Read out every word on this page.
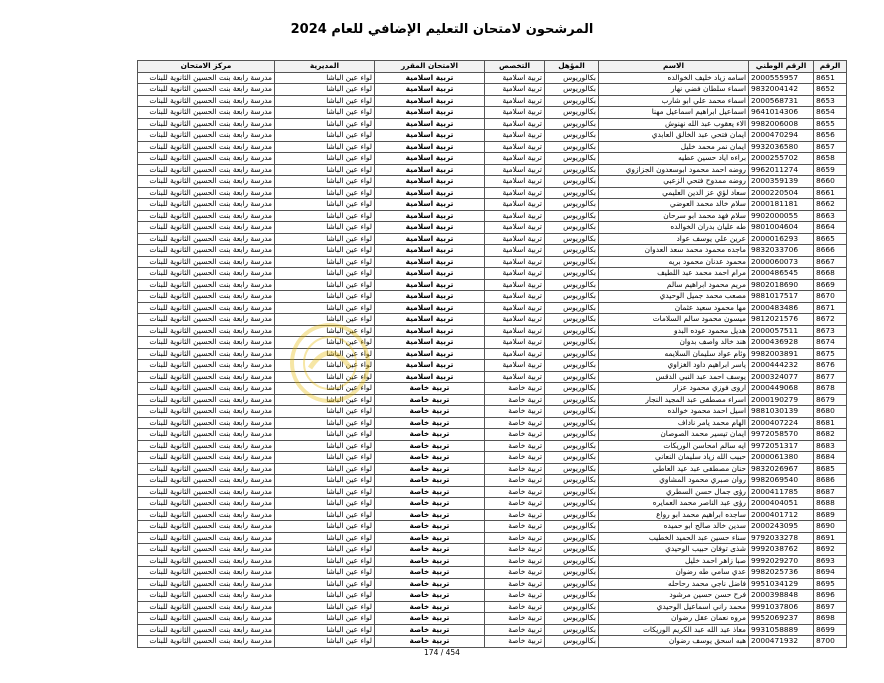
المرشحون لامتحان التعليم الإضافي للعام 2024
الرقم	الرقم الوطني	الاسم	المؤهل	التخصص	الامتحان المقرر	المديرية	مركز الامتحان
8651	2000555957	اسامه زياد خليف الخوالده	بكالوريوس	تربية اسلامية	تربية اسلامية	لواء عين الباشا	مدرسة رابعة بنت الحسين الثانوية للبنات
8652	9832004142	اسماء سلطان فضي نهار	بكالوريوس	تربية اسلامية	تربية اسلامية	لواء عين الباشا	مدرسة رابعة بنت الحسين الثانوية للبنات
8653	2000568731	اسماء محمد علي ابو شارب	بكالوريوس	تربية اسلامية	تربية اسلامية	لواء عين الباشا	مدرسة رابعة بنت الحسين الثانوية للبنات
8654	9641014306	اسماعيل ابراهيم اسماعيل مهنا	بكالوريوس	تربية اسلامية	تربية اسلامية	لواء عين الباشا	مدرسة رابعة بنت الحسين الثانوية للبنات
8655	9982006008	الاء يعقوب عبد الله نهنوش	بكالوريوس	تربية اسلامية	تربية اسلامية	لواء عين الباشا	مدرسة رابعة بنت الحسين الثانوية للبنات
8656	2000470294	ايمان فتحي عبد الخالق العابدي	بكالوريوس	تربية اسلامية	تربية اسلامية	لواء عين الباشا	مدرسة رابعة بنت الحسين الثانوية للبنات
8657	9932036580	ايمان نمر محمد خليل	بكالوريوس	تربية اسلامية	تربية اسلامية	لواء عين الباشا	مدرسة رابعة بنت الحسين الثانوية للبنات
8658	2000255702	براءه اياد حسين عطيه	بكالوريوس	تربية اسلامية	تربية اسلامية	لواء عين الباشا	مدرسة رابعة بنت الحسين الثانوية للبنات
8659	9962011274	روضه احمد محمود ابوسعدون الجزازوي	بكالوريوس	تربية اسلامية	تربية اسلامية	لواء عين الباشا	مدرسة رابعة بنت الحسين الثانوية للبنات
8660	2000359139	روضه ممدوح فتحي الزعبي	بكالوريوس	تربية اسلامية	تربية اسلامية	لواء عين الباشا	مدرسة رابعة بنت الحسين الثانوية للبنات
8661	2000220504	سعاد لؤي عز الدين العليمي	بكالوريوس	تربية اسلامية	تربية اسلامية	لواء عين الباشا	مدرسة رابعة بنت الحسين الثانوية للبنات
8662	2000181181	سلام خالد محمد العوضي	بكالوريوس	تربية اسلامية	تربية اسلامية	لواء عين الباشا	مدرسة رابعة بنت الحسين الثانوية للبنات
8663	9902000055	سلام فهد محمد ابو سرحان	بكالوريوس	تربية اسلامية	تربية اسلامية	لواء عين الباشا	مدرسة رابعة بنت الحسين الثانوية للبنات
8664	9801004604	طه عليان بدران الخوالده	بكالوريوس	تربية اسلامية	تربية اسلامية	لواء عين الباشا	مدرسة رابعة بنت الحسين الثانوية للبنات
8665	2000016293	عرين علي يوسف عواد	بكالوريوس	تربية اسلامية	تربية اسلامية	لواء عين الباشا	مدرسة رابعة بنت الحسين الثانوية للبنات
8666	9832033706	ماجده محمود محمد سعد العدوان	بكالوريوس	تربية اسلامية	تربية اسلامية	لواء عين الباشا	مدرسة رابعة بنت الحسين الثانوية للبنات
8667	2000060073	محمود عدنان محمود بريه	بكالوريوس	تربية اسلامية	تربية اسلامية	لواء عين الباشا	مدرسة رابعة بنت الحسين الثانوية للبنات
8668	2000486545	مرام احمد محمد عبد اللطيف	بكالوريوس	تربية اسلامية	تربية اسلامية	لواء عين الباشا	مدرسة رابعة بنت الحسين الثانوية للبنات
8669	9802018690	مريم محمود ابراهيم سالم	بكالوريوس	تربية اسلامية	تربية اسلامية	لواء عين الباشا	مدرسة رابعة بنت الحسين الثانوية للبنات
8670	9881017517	مصعب محمد جميل الوحيدي	بكالوريوس	تربية اسلامية	تربية اسلامية	لواء عين الباشا	مدرسة رابعة بنت الحسين الثانوية للبنات
8671	2000483486	مها محمود سعيد عثمان	بكالوريوس	تربية اسلامية	تربية اسلامية	لواء عين الباشا	مدرسة رابعة بنت الحسين الثانوية للبنات
8672	9812021576	ميسون محمود سالم السلامات	بكالوريوس	تربية اسلامية	تربية اسلامية	لواء عين الباشا	مدرسة رابعة بنت الحسين الثانوية للبنات
8673	2000057511	هديل محمود عوده البدو	بكالوريوس	تربية اسلامية	تربية اسلامية	لواء عين الباشا	مدرسة رابعة بنت الحسين الثانوية للبنات
8674	2000436928	هند خالد واصف بدوان	بكالوريوس	تربية اسلامية	تربية اسلامية	لواء عين الباشا	مدرسة رابعة بنت الحسين الثانوية للبنات
8675	9982003891	وئام عواد سليمان السلايمه	بكالوريوس	تربية اسلامية	تربية اسلامية	لواء عين الباشا	مدرسة رابعة بنت الحسين الثانوية للبنات
8676	2000444232	ياسر ابراهيم داود الغزاوي	بكالوريوس	تربية اسلامية	تربية اسلامية	لواء عين الباشا	مدرسة رابعة بنت الحسين الثانوية للبنات
8677	2000324077	يوسف احمد عبد النبي الدقس	بكالوريوس	تربية اسلامية	تربية اسلامية	لواء عين الباشا	مدرسة رابعة بنت الحسين الثانوية للبنات
8678	2000449068	اروى فوزي محمود عزار	بكالوريوس	تربية خاصة	تربية خاصة	لواء عين الباشا	مدرسة رابعة بنت الحسين الثانوية للبنات
8679	2000190279	اسراء مصطفى عبد المجيد النجار	بكالوريوس	تربية خاصة	تربية خاصة	لواء عين الباشا	مدرسة رابعة بنت الحسين الثانوية للبنات
8680	9881030139	اسيل احمد محمود خوالده	بكالوريوس	تربية خاصة	تربية خاصة	لواء عين الباشا	مدرسة رابعة بنت الحسين الثانوية للبنات
8681	2000407224	الهام محمد يامر ناداف	بكالوريوس	تربية خاصة	تربية خاصة	لواء عين الباشا	مدرسة رابعة بنت الحسين الثانوية للبنات
8682	9972058570	ايمان تيسير محمد الصوصان	بكالوريوس	تربية خاصة	تربية خاصة	لواء عين الباشا	مدرسة رابعة بنت الحسين الثانوية للبنات
8683	9972051317	ايه سالم امحاسن الوريكات	بكالوريوس	تربية خاصة	تربية خاصة	لواء عين الباشا	مدرسة رابعة بنت الحسين الثانوية للبنات
8684	2000061380	حبيب الله زياد سليمان النعاني	بكالوريوس	تربية خاصة	تربية خاصة	لواء عين الباشا	مدرسة رابعة بنت الحسين الثانوية للبنات
8685	9832026967	حنان مصطفى عبد عيد العاطي	بكالوريوس	تربية خاصة	تربية خاصة	لواء عين الباشا	مدرسة رابعة بنت الحسين الثانوية للبنات
8686	9982069540	روان صبري محمود المشاوي	بكالوريوس	تربية خاصة	تربية خاصة	لواء عين الباشا	مدرسة رابعة بنت الحسين الثانوية للبنات
8687	2000411785	رؤى جمال حسن السطري	بكالوريوس	تربية خاصة	تربية خاصة	لواء عين الباشا	مدرسة رابعة بنت الحسين الثانوية للبنات
8688	2000404051	رؤى عبد الناصر محمد العمايره	بكالوريوس	تربية خاصة	تربية خاصة	لواء عين الباشا	مدرسة رابعة بنت الحسين الثانوية للبنات
8689	2000401712	ساجده ابراهيم محمد ابو رواع	بكالوريوس	تربية خاصة	تربية خاصة	لواء عين الباشا	مدرسة رابعة بنت الحسين الثانوية للبنات
8690	2000243095	سدين خالد صالح ابو حميده	بكالوريوس	تربية خاصة	تربية خاصة	لواء عين الباشا	مدرسة رابعة بنت الحسين الثانوية للبنات
8691	9792033278	سناء حسين عبد الحميد الخطيب	بكالوريوس	تربية خاصة	تربية خاصة	لواء عين الباشا	مدرسة رابعة بنت الحسين الثانوية للبنات
8692	9992038762	شذى توفان حبيب الوحيدي	بكالوريوس	تربية خاصة	تربية خاصة	لواء عين الباشا	مدرسة رابعة بنت الحسين الثانوية للبنات
8693	9992029270	صبا زاهر احمد خليل	بكالوريوس	تربية خاصة	تربية خاصة	لواء عين الباشا	مدرسة رابعة بنت الحسين الثانوية للبنات
8694	9982025736	عدي سامي طه رضوان	بكالوريوس	تربية خاصة	تربية خاصة	لواء عين الباشا	مدرسة رابعة بنت الحسين الثانوية للبنات
8695	9951034129	فاضل ناجي محمد رحاحله	بكالوريوس	تربية خاصة	تربية خاصة	لواء عين الباشا	مدرسة رابعة بنت الحسين الثانوية للبنات
8696	2000398848	فرح حسن حسين مرشود	بكالوريوس	تربية خاصة	تربية خاصة	لواء عين الباشا	مدرسة رابعة بنت الحسين الثانوية للبنات
8697	9991037806	محمد راني اسماعيل الوحيدي	بكالوريوس	تربية خاصة	تربية خاصة	لواء عين الباشا	مدرسة رابعة بنت الحسين الثانوية للبنات
8698	9952069237	مروه نعمان عقل رضوان	بكالوريوس	تربية خاصة	تربية خاصة	لواء عين الباشا	مدرسة رابعة بنت الحسين الثانوية للبنات
8699	9931058889	معاذ عبد الله عبد الكريم الوريكات	بكالوريوس	تربية خاصة	تربية خاصة	لواء عين الباشا	مدرسة رابعة بنت الحسين الثانوية للبنات
8700	2000471932	هبه اسحق يوسف رضوان	بكالوريوس	تربية خاصة	تربية خاصة	لواء عين الباشا	مدرسة رابعة بنت الحسين الثانوية للبنات
174 / 454
